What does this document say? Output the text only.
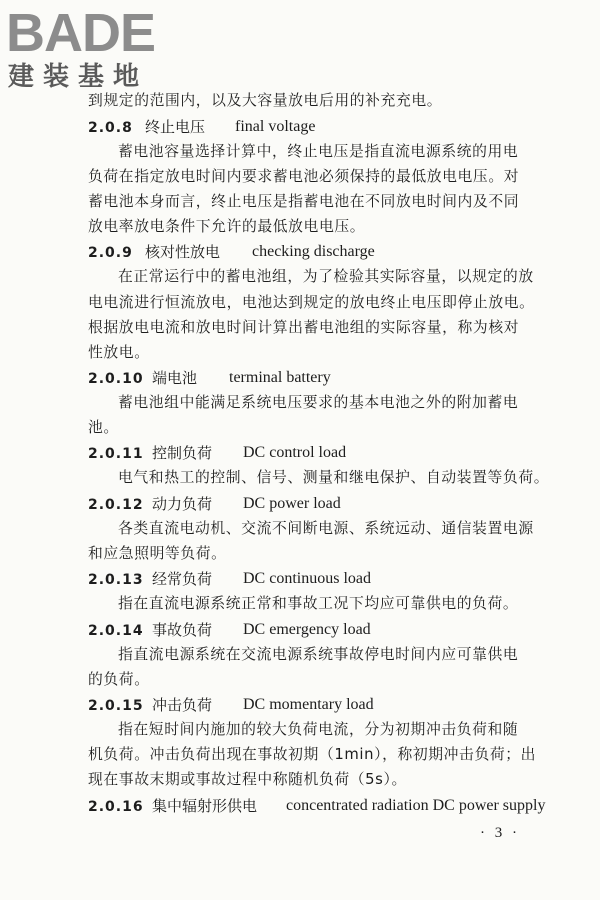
BADE
建装基地
到规定的范围内，以及大容量放电后用的补充充电。
2.0.8 终止电压 final voltage
蓄电池容量选择计算中，终止电压是指直流电源系统的用电
负荷在指定放电时间内要求蓄电池必须保持的最低放电电压。对
蓄电池本身而言，终止电压是指蓄电池在不同放电时间内及不同
放电率放电条件下允许的最低放电电压。
2.0.9 核对性放电 checking discharge
在正常运行中的蓄电池组，为了检验其实际容量，以规定的放
电电流进行恒流放电，电池达到规定的放电终止电压即停止放电。
根据放电电流和放电时间计算出蓄电池组的实际容量，称为核对
性放电。
2.0.10 端电池 terminal battery
蓄电池组中能满足系统电压要求的基本电池之外的附加蓄电
池。
2.0.11 控制负荷 DC control load
电气和热工的控制、信号、测量和继电保护、自动装置等负荷。
2.0.12 动力负荷 DC power load
各类直流电动机、交流不间断电源、系统远动、通信装置电源
和应急照明等负荷。
2.0.13 经常负荷 DC continuous load
指在直流电源系统正常和事故工况下均应可靠供电的负荷。
2.0.14 事故负荷 DC emergency load
指直流电源系统在交流电源系统事故停电时间内应可靠供电
的负荷。
2.0.15 冲击负荷 DC momentary load
指在短时间内施加的较大负荷电流，分为初期冲击负荷和随
机负荷。冲击负荷出现在事故初期（1min），称初期冲击负荷；出
现在事故末期或事故过程中称随机负荷（5s）。
2.0.16 集中辐射形供电 concentrated radiation DC power supply
· 3 ·
